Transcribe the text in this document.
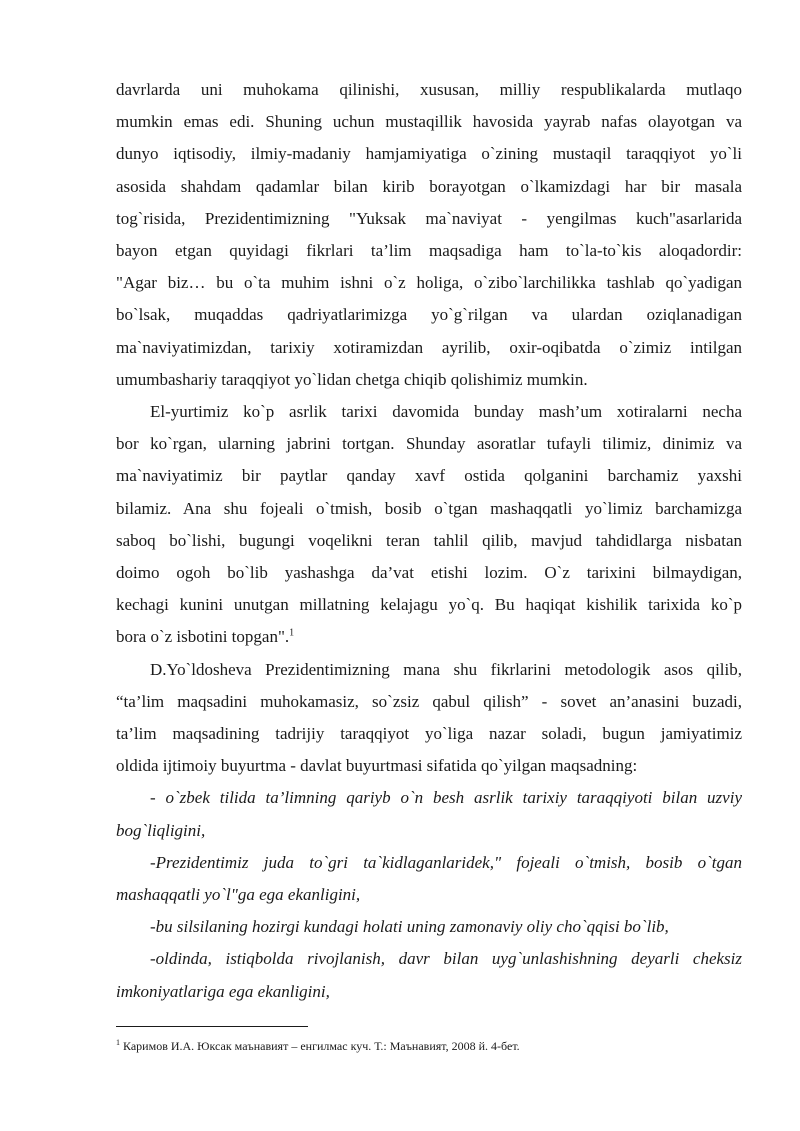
davrlarda uni muhokama qilinishi, xususan, milliy respublikalarda mutlaqo
mumkin emas edi. Shuning uchun mustaqillik havosida yayrab nafas olayotgan va
dunyo iqtisodiy, ilmiy-madaniy hamjamiyatiga o`zining mustaqil taraqqiyot yo`li
asosida shahdam qadamlar bilan kirib borayotgan o`lkamizdagi har bir masala
tog`risida, Prezidentimizning "Yuksak ma`naviyat - yengilmas kuch"asarlarida
bayon etgan quyidagi fikrlari ta’lim maqsadiga ham to`la-to`kis aloqadordir:
"Agar biz… bu o`ta muhim ishni o`z holiga, o`zibo`larchilikka tashlab qo`yadigan
bo`lsak, muqaddas qadriyatlarimizga yo`g`rilgan va ulardan oziqlanadigan
ma`naviyatimizdan, tarixiy xotiramizdan ayrilib, oxir-oqibatda o`zimiz intilgan
umumbashariy taraqqiyot yo`lidan chetga chiqib qolishimiz mumkin.

El-yurtimiz ko`p asrlik tarixi davomida bunday mash’um xotiralarni necha
bor ko`rgan, ularning jabrini tortgan. Shunday asoratlar tufayli tilimiz, dinimiz va
ma`naviyatimiz bir paytlar qanday xavf ostida qolganini barchamiz yaxshi
bilamiz. Ana shu fojeali o`tmish, bosib o`tgan mashaqqatli yo`limiz barchamizga
saboq bo`lishi, bugungi voqelikni teran tahlil qilib, mavjud tahdidlarga nisbatan
doimo ogoh bo`lib yashashga da’vat etishi lozim. O`z tarixini bilmaydigan,
kechagi kunini unutgan millatning kelajagu yo`q. Bu haqiqat kishilik tarixida ko`p
bora o`z isbotini topgan".$^1$

D.Yo`ldosheva Prezidentimizning mana shu fikrlarini metodologik asos qilib,
“ta’lim maqsadini muhokamasiz, so`zsiz qabul qilish” - sovet an’anasini buzadi,
ta’lim maqsadining tadrijiy taraqqiyot yo`liga nazar soladi, bugun jamiyatimiz
oldida ijtimoiy buyurtma - davlat buyurtmasi sifatida qo`yilgan maqsadning:

- o`zbek tilida ta’limning qariyb o`n besh asrlik tarixiy taraqqiyoti bilan uzviy
bog`liqligini,

-Prezidentimiz juda to`gri ta`kidlaganlaridek," fojeali o`tmish, bosib o`tgan
mashaqqatli yo`l"ga ega ekanligini,

-bu silsilaning hozirgi kundagi holati uning zamonaviy oliy cho`qqisi bo`lib,

-oldinda, istiqbolda rivojlanish, davr bilan uyg`unlashishning deyarli cheksiz
imkoniyatlariga ega ekanligini,

$^1$ Каримов И.А. Юксак маънавият – енгилмас куч. Т.: Маънавият, 2008 й. 4-бет.
